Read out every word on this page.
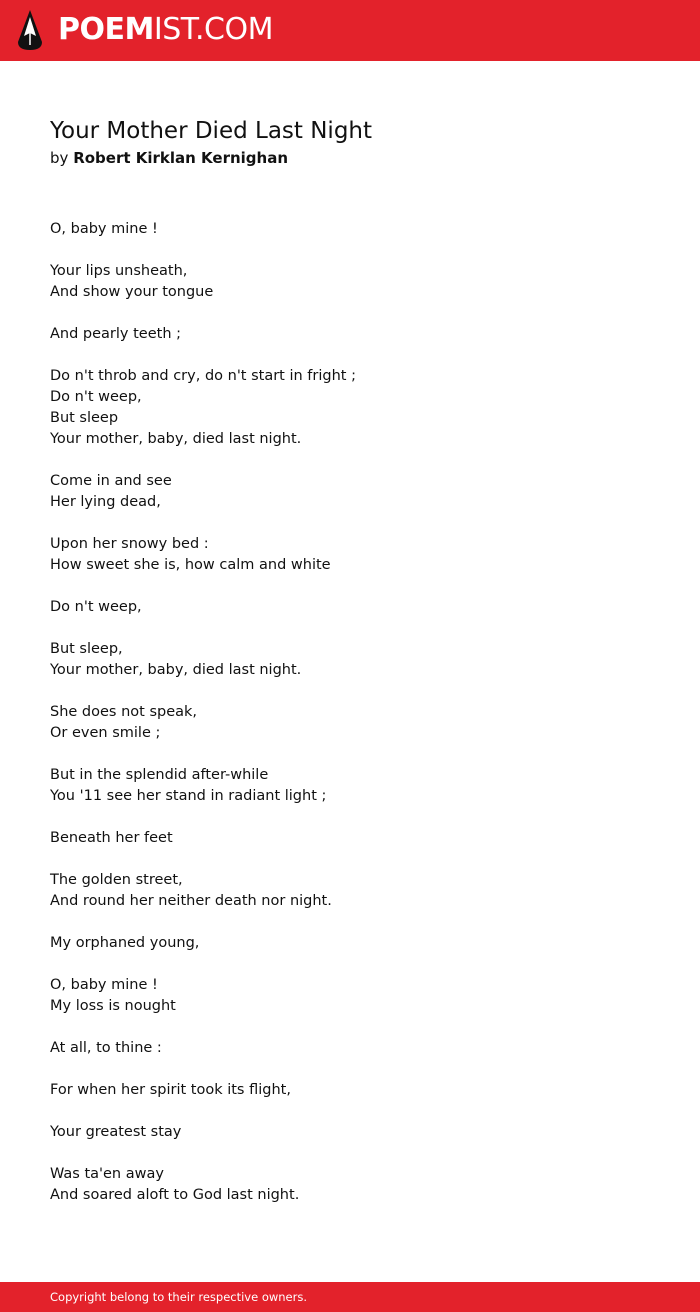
POEMIST.COM
Your Mother Died Last Night
by Robert Kirklan Kernighan
O, baby mine !
Your lips unsheath,
And show your tongue
And pearly teeth ;
Do n't throb and cry, do n't start in fright ;
Do n't weep,
But sleep
Your mother, baby, died last night.
Come in and see
Her lying dead,
Upon her snowy bed :
How sweet she is, how calm and white
Do n't weep,
But sleep,
Your mother, baby, died last night.
She does not speak,
Or even smile ;
But in the splendid after-while
You '11 see her stand in radiant light ;
Beneath her feet
The golden street,
And round her neither death nor night.
My orphaned young,
O, baby mine !
My loss is nought
At all, to thine :
For when her spirit took its flight,
Your greatest stay
Was ta'en away
And soared aloft to God last night.
Copyright belong to their respective owners.
